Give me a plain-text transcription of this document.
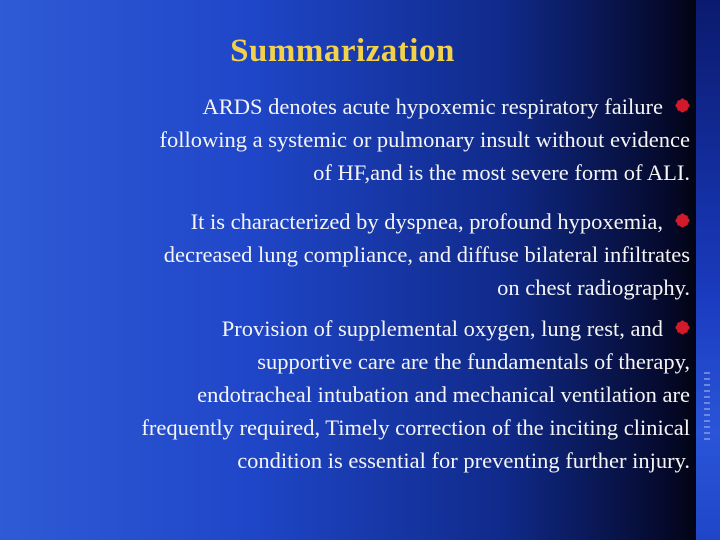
Summarization
ARDS denotes acute hypoxemic respiratory failure
following a systemic or pulmonary insult without evidence
of HF,and is the most severe form of ALI.
It is characterized by dyspnea, profound hypoxemia,
decreased lung compliance, and diffuse bilateral infiltrates
on chest radiography.
Provision of supplemental oxygen, lung rest, and
supportive care are the fundamentals of therapy,
endotracheal intubation and mechanical ventilation are
frequently required, Timely correction of the inciting clinical
condition is essential for preventing further injury.
